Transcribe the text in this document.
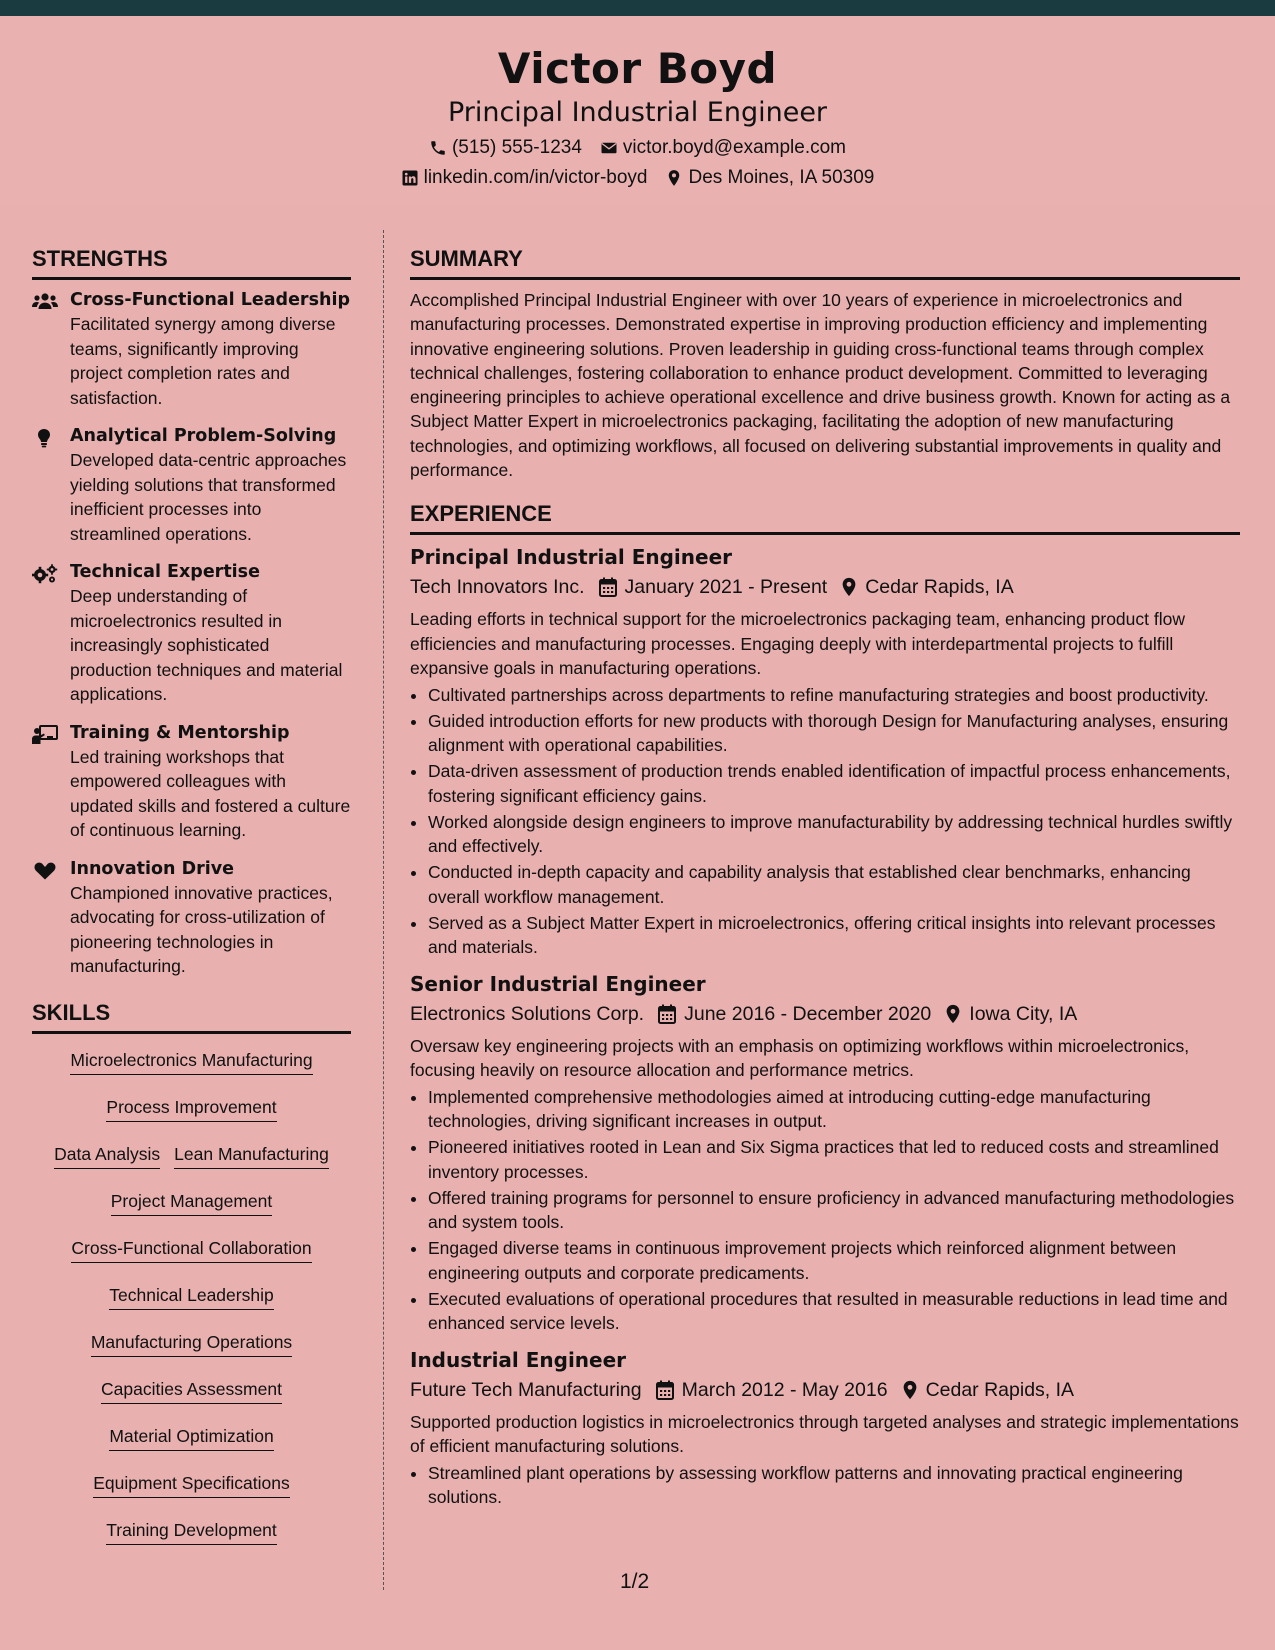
Victor Boyd
Principal Industrial Engineer
(515) 555-1234 victor.boyd@example.com
linkedin.com/in/victor-boyd Des Moines, IA 50309
STRENGTHS
Cross-Functional Leadership
Facilitated synergy among diverse teams, significantly improving project completion rates and satisfaction.
Analytical Problem-Solving
Developed data-centric approaches yielding solutions that transformed inefficient processes into streamlined operations.
Technical Expertise
Deep understanding of microelectronics resulted in increasingly sophisticated production techniques and material applications.
Training & Mentorship
Led training workshops that empowered colleagues with updated skills and fostered a culture of continuous learning.
Innovation Drive
Championed innovative practices, advocating for cross-utilization of pioneering technologies in manufacturing.
SKILLS
Microelectronics Manufacturing
Process Improvement
Data Analysis Lean Manufacturing
Project Management
Cross-Functional Collaboration
Technical Leadership
Manufacturing Operations
Capacities Assessment
Material Optimization
Equipment Specifications
Training Development
SUMMARY
Accomplished Principal Industrial Engineer with over 10 years of experience in microelectronics and manufacturing processes. Demonstrated expertise in improving production efficiency and implementing innovative engineering solutions. Proven leadership in guiding cross-functional teams through complex technical challenges, fostering collaboration to enhance product development. Committed to leveraging engineering principles to achieve operational excellence and drive business growth. Known for acting as a Subject Matter Expert in microelectronics packaging, facilitating the adoption of new manufacturing technologies, and optimizing workflows, all focused on delivering substantial improvements in quality and performance.
EXPERIENCE
Principal Industrial Engineer
Tech Innovators Inc. January 2021 - Present Cedar Rapids, IA
Leading efforts in technical support for the microelectronics packaging team, enhancing product flow efficiencies and manufacturing processes. Engaging deeply with interdepartmental projects to fulfill expansive goals in manufacturing operations.
• Cultivated partnerships across departments to refine manufacturing strategies and boost productivity.
• Guided introduction efforts for new products with thorough Design for Manufacturing analyses, ensuring alignment with operational capabilities.
• Data-driven assessment of production trends enabled identification of impactful process enhancements, fostering significant efficiency gains.
• Worked alongside design engineers to improve manufacturability by addressing technical hurdles swiftly and effectively.
• Conducted in-depth capacity and capability analysis that established clear benchmarks, enhancing overall workflow management.
• Served as a Subject Matter Expert in microelectronics, offering critical insights into relevant processes and materials.
Senior Industrial Engineer
Electronics Solutions Corp. June 2016 - December 2020 Iowa City, IA
Oversaw key engineering projects with an emphasis on optimizing workflows within microelectronics, focusing heavily on resource allocation and performance metrics.
• Implemented comprehensive methodologies aimed at introducing cutting-edge manufacturing technologies, driving significant increases in output.
• Pioneered initiatives rooted in Lean and Six Sigma practices that led to reduced costs and streamlined inventory processes.
• Offered training programs for personnel to ensure proficiency in advanced manufacturing methodologies and system tools.
• Engaged diverse teams in continuous improvement projects which reinforced alignment between engineering outputs and corporate predicaments.
• Executed evaluations of operational procedures that resulted in measurable reductions in lead time and enhanced service levels.
Industrial Engineer
Future Tech Manufacturing March 2012 - May 2016 Cedar Rapids, IA
Supported production logistics in microelectronics through targeted analyses and strategic implementations of efficient manufacturing solutions.
• Streamlined plant operations by assessing workflow patterns and innovating practical engineering solutions.
1/2
